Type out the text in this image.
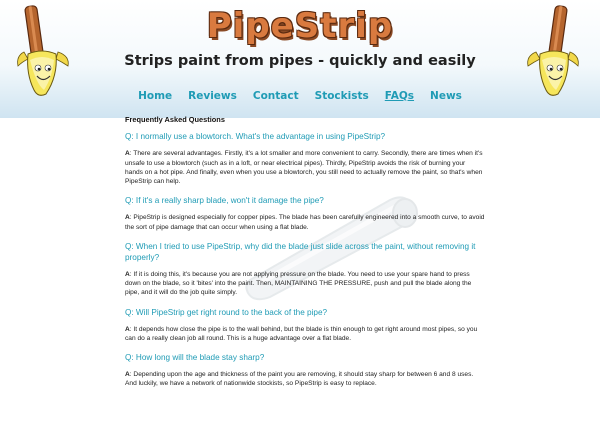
PipeStrip
Strips paint from pipes - quickly and easily
Home Reviews Contact Stockists FAQs News
Frequently Asked Questions
Q: I normally use a blowtorch. What's the advantage in using PipeStrip?
A: There are several advantages. Firstly, it's a lot smaller and more convenient to carry. Secondly, there are times when it's unsafe to use a blowtorch (such as in a loft, or near electrical pipes). Thirdly, PipeStrip avoids the risk of burning your hands on a hot pipe. And finally, even when you use a blowtorch, you still need to actually remove the paint, so that's when PipeStrip can help.
Q: If it's a really sharp blade, won't it damage the pipe?
A: PipeStrip is designed especially for copper pipes. The blade has been carefully engineered into a smooth curve, to avoid the sort of pipe damage that can occur when using a flat blade.
Q: When I tried to use PipeStrip, why did the blade just slide across the paint, without removing it properly?
A: If it is doing this, it's because you are not applying pressure on the blade. You need to use your spare hand to press down on the blade, so it 'bites' into the paint. Then, MAINTAINING THE PRESSURE, push and pull the blade along the pipe, and it will do the job quite simply.
Q: Will PipeStrip get right round to the back of the pipe?
A: It depends how close the pipe is to the wall behind, but the blade is thin enough to get right around most pipes, so you can do a really clean job all round. This is a huge advantage over a flat blade.
Q: How long will the blade stay sharp?
A: Depending upon the age and thickness of the paint you are removing, it should stay sharp for between 6 and 8 uses. And luckily, we have a network of nationwide stockists, so PipeStrip is easy to replace.
